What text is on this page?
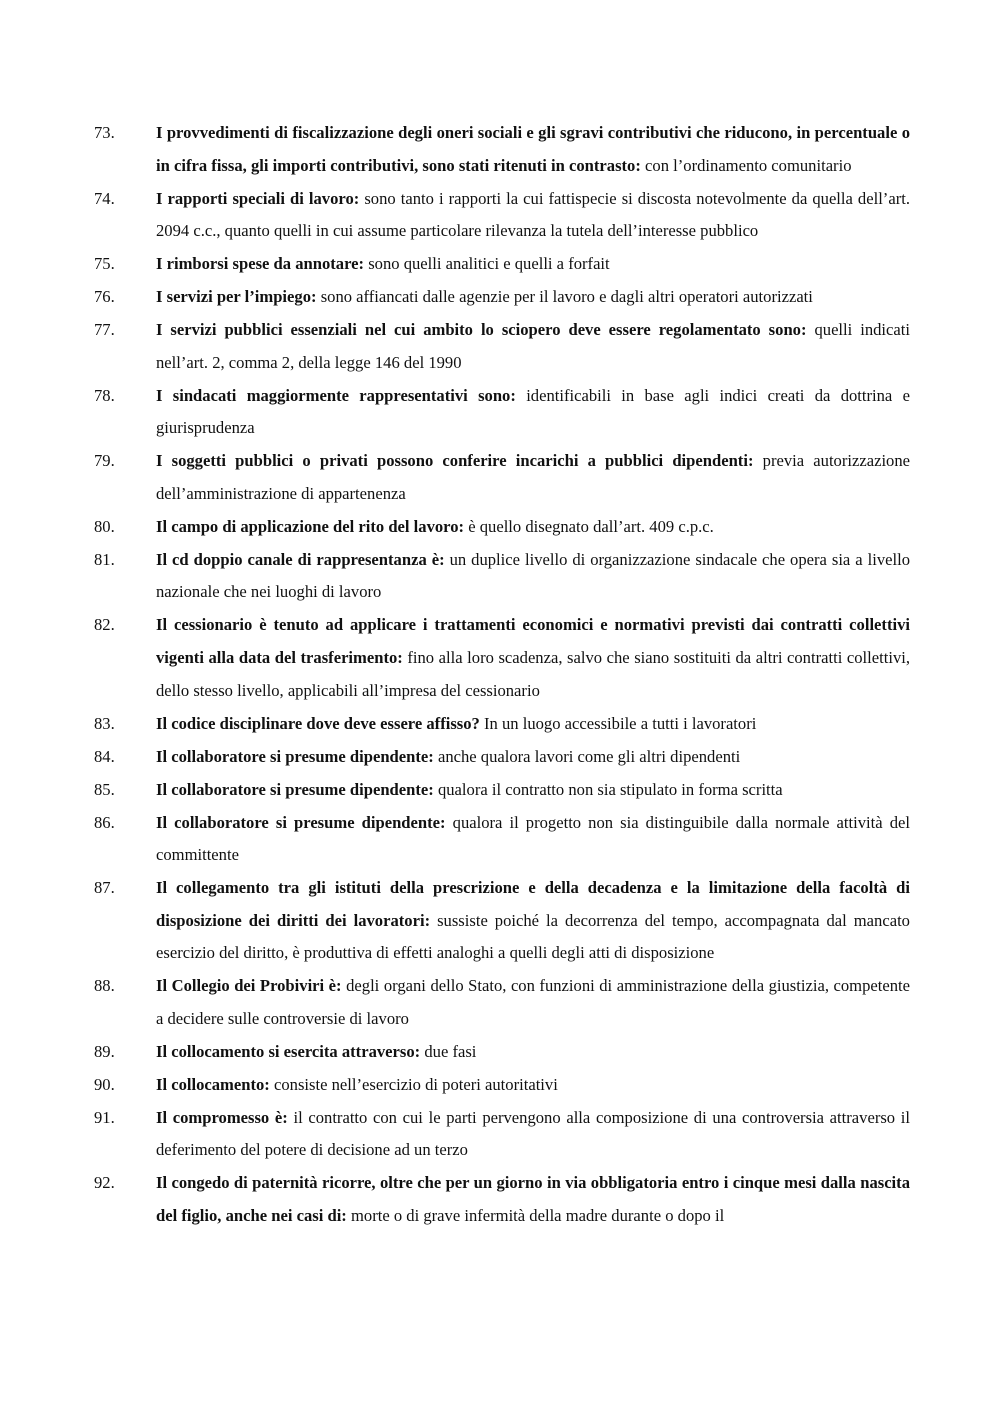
73.	I provvedimenti di fiscalizzazione degli oneri sociali e gli sgravi contributivi che riducono, in percentuale o in cifra fissa, gli importi contributivi, sono stati ritenuti in contrasto: con l’ordinamento comunitario
74.	I rapporti speciali di lavoro: sono tanto i rapporti la cui fattispecie si discosta notevolmente da quella dell’art. 2094 c.c., quanto quelli in cui assume particolare rilevanza la tutela dell’interesse pubblico
75.	I rimborsi spese da annotare: sono quelli analitici e quelli a forfait
76.	I servizi per l’impiego: sono affiancati dalle agenzie per il lavoro e dagli altri operatori autorizzati
77.	I servizi pubblici essenziali nel cui ambito lo sciopero deve essere regolamentato sono: quelli indicati nell’art. 2, comma 2, della legge 146 del 1990
78.	I sindacati maggiormente rappresentativi sono: identificabili in base agli indici creati da dottrina e giurisprudenza
79.	I soggetti pubblici o privati possono conferire incarichi a pubblici dipendenti: previa autorizzazione dell’amministrazione di appartenenza
80.	Il campo di applicazione del rito del lavoro: è quello disegnato dall’art. 409 c.p.c.
81.	Il cd doppio canale di rappresentanza è: un duplice livello di organizzazione sindacale che opera sia a livello nazionale che nei luoghi di lavoro
82.	Il cessionario è tenuto ad applicare i trattamenti economici e normativi previsti dai contratti collettivi vigenti alla data del trasferimento: fino alla loro scadenza, salvo che siano sostituiti da altri contratti collettivi, dello stesso livello, applicabili all’impresa del cessionario
83.	Il codice disciplinare dove deve essere affisso? In un luogo accessibile a tutti i lavoratori
84.	Il collaboratore si presume dipendente: anche qualora lavori come gli altri dipendenti
85.	Il collaboratore si presume dipendente: qualora il contratto non sia stipulato in forma scritta
86.	Il collaboratore si presume dipendente: qualora il progetto non sia distinguibile dalla normale attività del committente
87.	Il collegamento tra gli istituti della prescrizione e della decadenza e la limitazione della facoltà di disposizione dei diritti dei lavoratori: sussiste poiché la decorrenza del tempo, accompagnata dal mancato esercizio del diritto, è produttiva di effetti analoghi a quelli degli atti di disposizione
88.	Il Collegio dei Probiviri è: degli organi dello Stato, con funzioni di amministrazione della giustizia, competente a decidere sulle controversie di lavoro
89.	Il collocamento si esercita attraverso: due fasi
90.	Il collocamento: consiste nell’esercizio di poteri autoritativi
91.	Il compromesso è: il contratto con cui le parti pervengono alla composizione di una controversia attraverso il deferimento del potere di decisione ad un terzo
92.	Il congedo di paternità ricorre, oltre che per un giorno in via obbligatoria entro i cinque mesi dalla nascita del figlio, anche nei casi di: morte o di grave infermità della madre durante o dopo il
